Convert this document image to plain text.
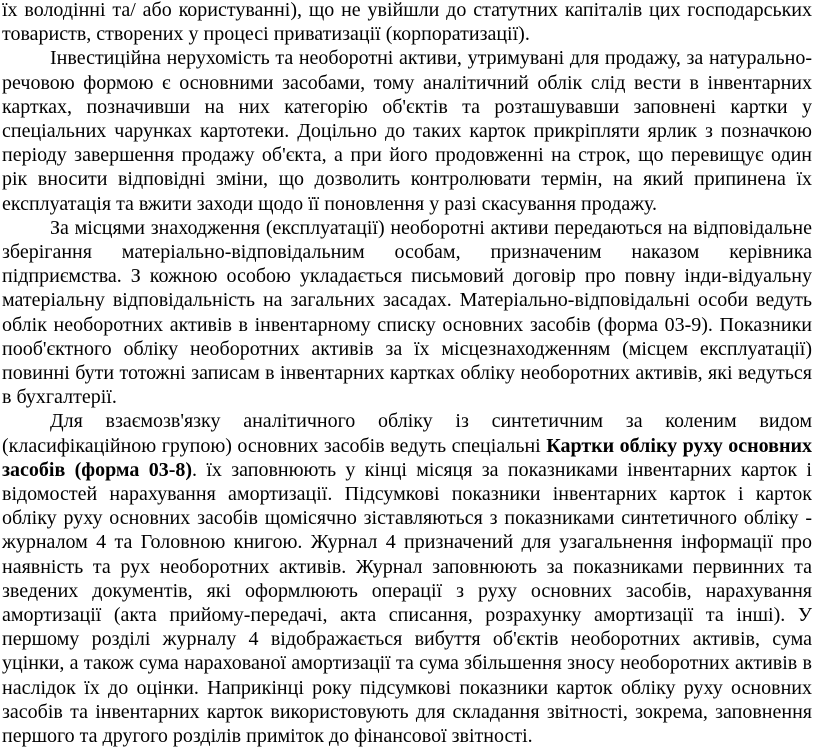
їх володінні та/ або користуванні), що не увійшли до статутних капіталів цих господарських товариств, створених у процесі приватизації (корпоратизації).

Інвестиційна нерухомість та необоротні активи, утримувані для продажу, за натурально-речовою формою є основними засобами, тому аналітичний облік слід вести в інвентарних картках, позначивши на них категорію об'єктів та розташувавши заповнені картки у спеціальних чарунках картотеки. Доцільно до таких карток прикріпляти ярлик з позначкою періоду завершення продажу об'єкта, а при його продовженні на строк, що перевищує один рік вносити відповідні зміни, що дозволить контролювати термін, на який припинена їх експлуатація та вжити заходи щодо її поновлення у разі скасування продажу.

За місцями знаходження (експлуатації) необоротні активи передаються на відповідальне зберігання матеріально-відповідальним особам, призначеним наказом керівника підприємства. З кожною особою укладається письмовий договір про повну інди-відуальну матеріальну відповідальність на загальних засадах. Матеріально-відповідальні особи ведуть облік необоротних активів в інвентарному списку основних засобів (форма 03-9). Показники пооб'єктного обліку необоротних активів за їх місцезнаходженням (місцем експлуатації) повинні бути тотожні записам в інвентарних картках обліку необоротних активів, які ведуться в бухгалтерії.

Для взаємозв'язку аналітичного обліку із синтетичним за коленим видом (класифікаційною групою) основних засобів ведуть спеціальні Картки обліку руху основних засобів (форма 03-8). їх заповнюють у кінці місяця за показниками інвентарних карток і відомостей нарахування амортизації. Підсумкові показники інвентарних карток і карток обліку руху основних засобів щомісячно зіставляються з показниками синтетичного обліку - журналом 4 та Головною книгою. Журнал 4 призначений для узагальнення інформації про наявність та рух необоротних активів. Журнал заповнюють за показниками первинних та зведених документів, які оформлюють операції з руху основних засобів, нарахування амортизації (акта прийому-передачі, акта списання, розрахунку амортизації та інші). У першому розділі журналу 4 відображається вибуття об'єктів необоротних активів, сума уцінки, а також сума нарахованої амортизації та сума збільшення зносу необоротних активів в наслідок їх до оцінки. Наприкінці року підсумкові показники карток обліку руху основних засобів та інвентарних карток використовують для складання звітності, зокрема, заповнення першого та другого розділів приміток до фінансової звітності.
